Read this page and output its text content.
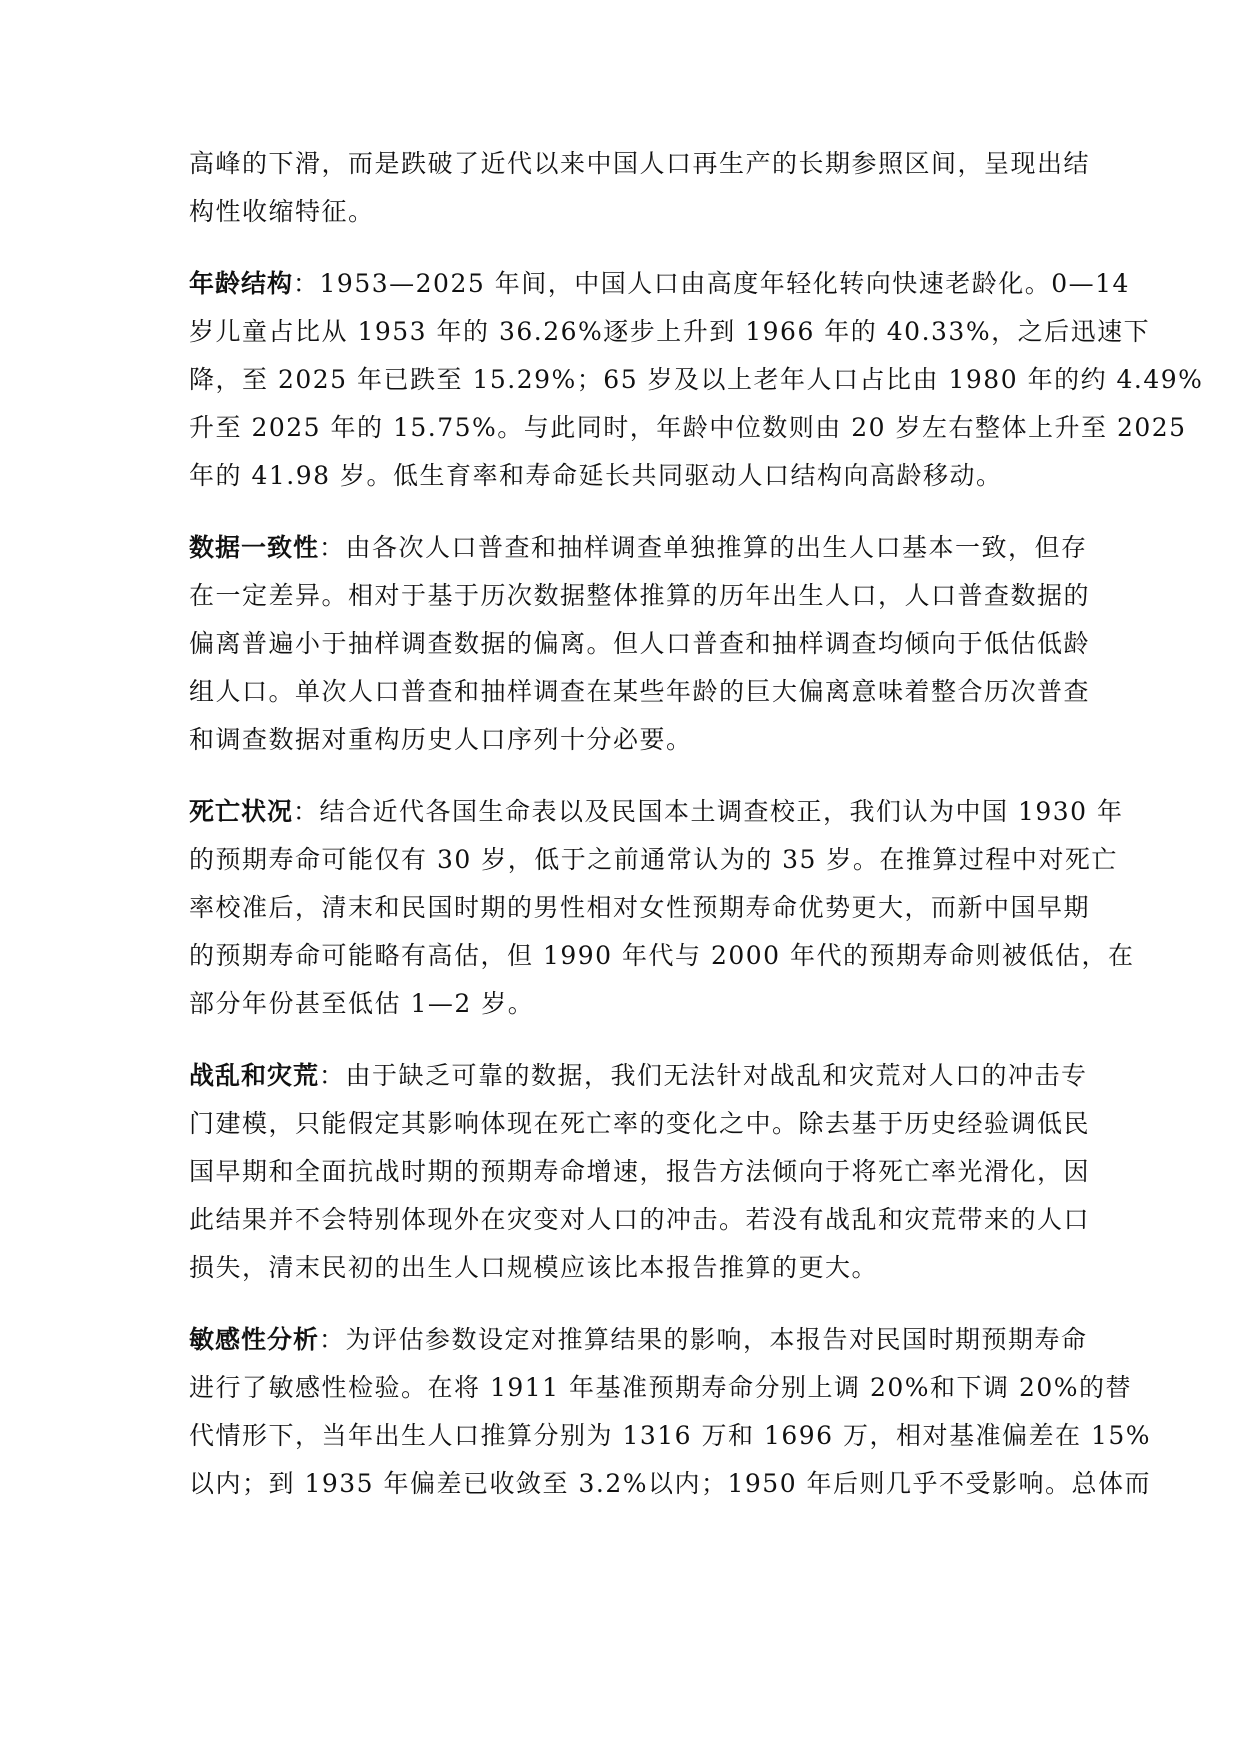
高峰的下滑，而是跌破了近代以来中国人口再生产的长期参照区间，呈现出结
构性收缩特征。
年龄结构：1953—2025 年间，中国人口由高度年轻化转向快速老龄化。0—14
岁儿童占比从 1953 年的 36.26%逐步上升到 1966 年的 40.33%，之后迅速下
降，至 2025 年已跌至 15.29%；65 岁及以上老年人口占比由 1980 年的约 4.49%
升至 2025 年的 15.75%。与此同时，年龄中位数则由 20 岁左右整体上升至 2025
年的 41.98 岁。低生育率和寿命延长共同驱动人口结构向高龄移动。
数据一致性：由各次人口普查和抽样调查单独推算的出生人口基本一致，但存
在一定差异。相对于基于历次数据整体推算的历年出生人口，人口普查数据的
偏离普遍小于抽样调查数据的偏离。但人口普查和抽样调查均倾向于低估低龄
组人口。单次人口普查和抽样调查在某些年龄的巨大偏离意味着整合历次普查
和调查数据对重构历史人口序列十分必要。
死亡状况：结合近代各国生命表以及民国本土调查校正，我们认为中国 1930 年
的预期寿命可能仅有 30 岁，低于之前通常认为的 35 岁。在推算过程中对死亡
率校准后，清末和民国时期的男性相对女性预期寿命优势更大，而新中国早期
的预期寿命可能略有高估，但 1990 年代与 2000 年代的预期寿命则被低估，在
部分年份甚至低估 1—2 岁。
战乱和灾荒：由于缺乏可靠的数据，我们无法针对战乱和灾荒对人口的冲击专
门建模，只能假定其影响体现在死亡率的变化之中。除去基于历史经验调低民
国早期和全面抗战时期的预期寿命增速，报告方法倾向于将死亡率光滑化，因
此结果并不会特别体现外在灾变对人口的冲击。若没有战乱和灾荒带来的人口
损失，清末民初的出生人口规模应该比本报告推算的更大。
敏感性分析：为评估参数设定对推算结果的影响，本报告对民国时期预期寿命
进行了敏感性检验。在将 1911 年基准预期寿命分别上调 20%和下调 20%的替
代情形下，当年出生人口推算分别为 1316 万和 1696 万，相对基准偏差在 15%
以内；到 1935 年偏差已收敛至 3.2%以内；1950 年后则几乎不受影响。总体而
